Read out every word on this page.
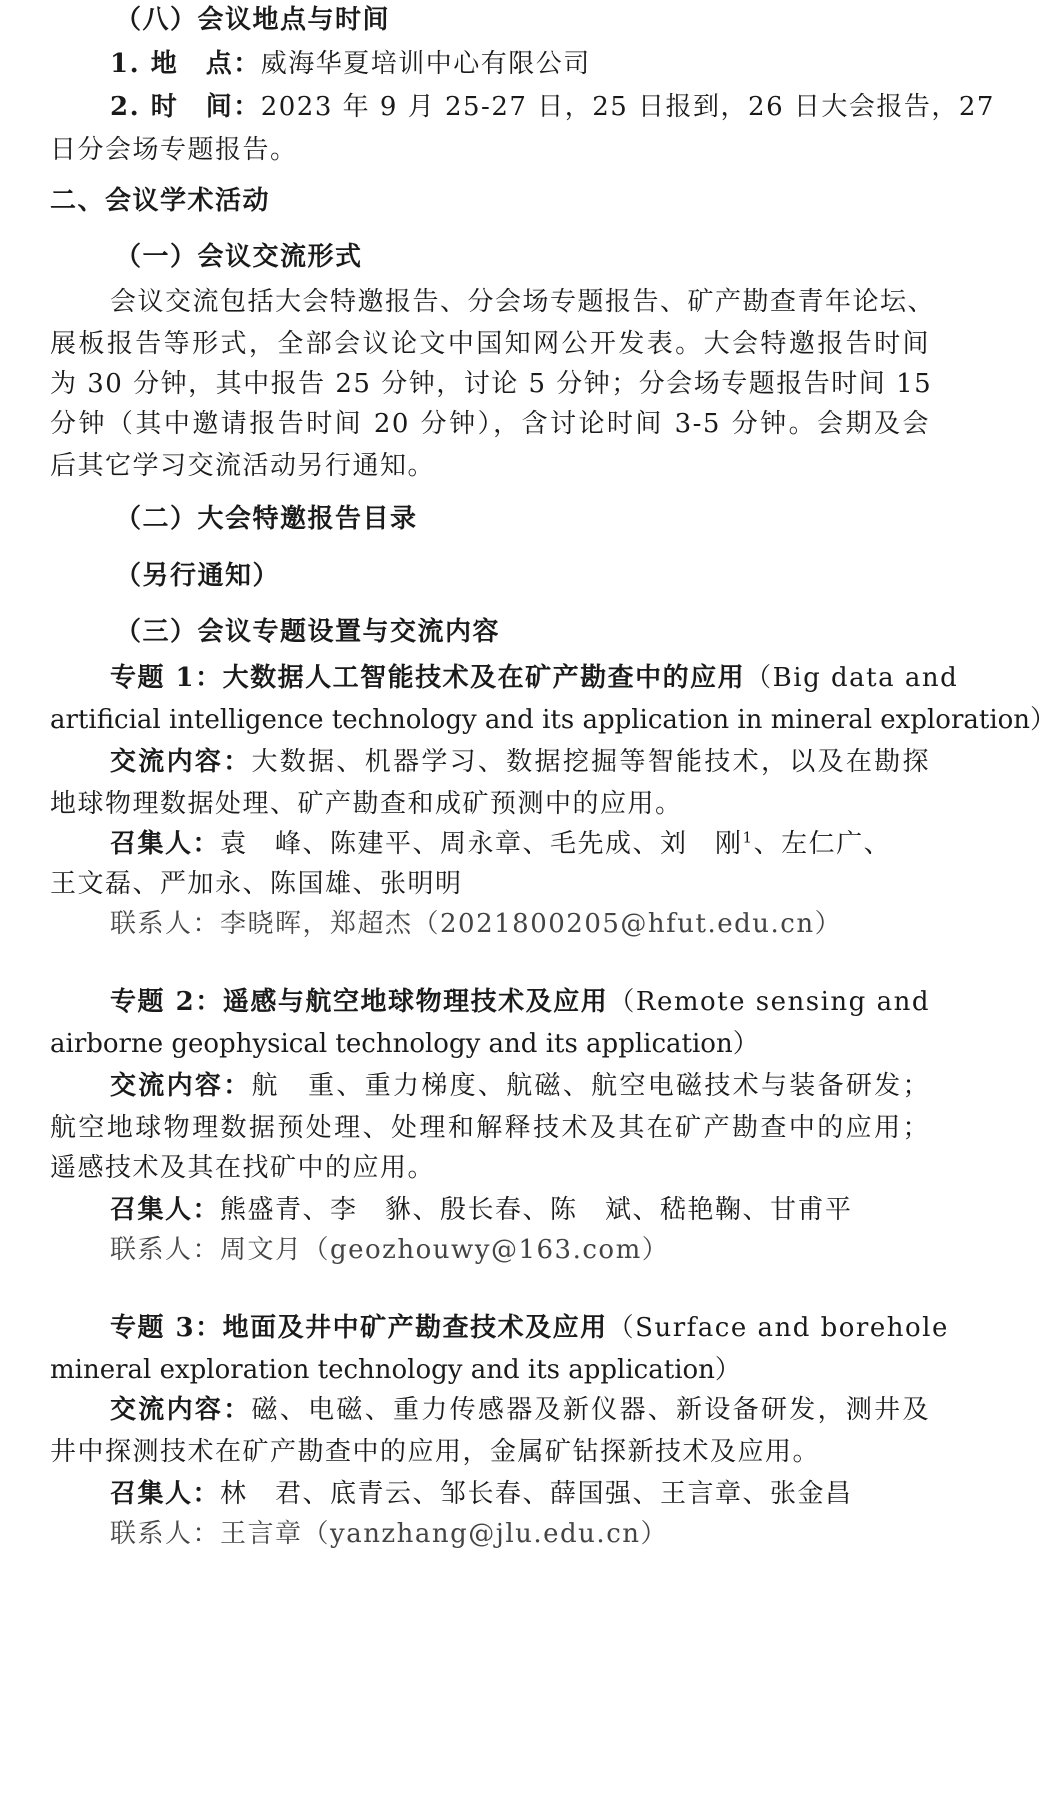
（八）会议地点与时间
1. 地　点：威海华夏培训中心有限公司
2. 时　间：2023 年 9 月 25-27 日，25 日报到，26 日大会报告，27
日分会场专题报告。
二、会议学术活动
（一）会议交流形式
会议交流包括大会特邀报告、分会场专题报告、矿产勘查青年论坛、
展板报告等形式，全部会议论文中国知网公开发表。大会特邀报告时间
为 30 分钟，其中报告 25 分钟，讨论 5 分钟；分会场专题报告时间 15
分钟（其中邀请报告时间 20 分钟），含讨论时间 3-5 分钟。会期及会
后其它学习交流活动另行通知。
（二）大会特邀报告目录
（另行通知）
（三）会议专题设置与交流内容
专题 1：大数据人工智能技术及在矿产勘查中的应用（Big data and
artificial intelligence technology and its application in mineral exploration）
交流内容：大数据、机器学习、数据挖掘等智能技术，以及在勘探
地球物理数据处理、矿产勘查和成矿预测中的应用。
召集人：袁　峰、陈建平、周永章、毛先成、刘　刚$^1$、左仁广、
王文磊、严加永、陈国雄、张明明
联系人：李晓晖，郑超杰（2021800205@hfut.edu.cn）
专题 2：遥感与航空地球物理技术及应用（Remote sensing and
airborne geophysical technology and its application）
交流内容：航　重、重力梯度、航磁、航空电磁技术与装备研发；
航空地球物理数据预处理、处理和解释技术及其在矿产勘查中的应用；
遥感技术及其在找矿中的应用。
召集人：熊盛青、李　貅、殷长春、陈　斌、嵇艳鞠、甘甫平
联系人：周文月（geozhouwy@163.com）
专题 3：地面及井中矿产勘查技术及应用（Surface and borehole
mineral exploration technology and its application）
交流内容：磁、电磁、重力传感器及新仪器、新设备研发，测井及
井中探测技术在矿产勘查中的应用，金属矿钻探新技术及应用。
召集人：林　君、底青云、邹长春、薛国强、王言章、张金昌
联系人：王言章（yanzhang@jlu.edu.cn）
